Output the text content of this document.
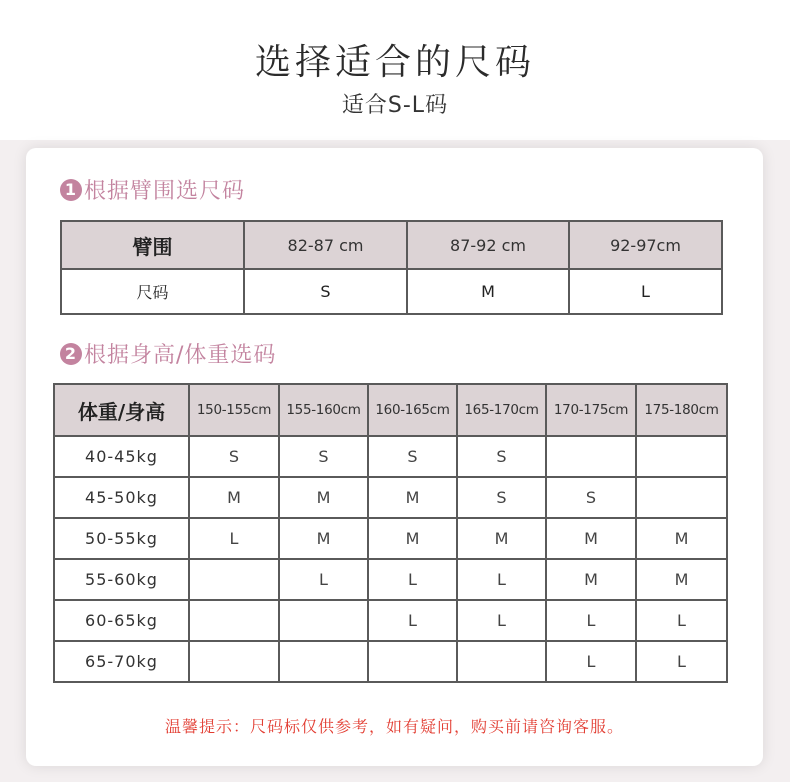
选择适合的尺码
适合S-L码
1 根据臂围选尺码
臂围	82-87 cm	87-92 cm	92-97cm
尺码	S	M	L
2 根据身高/体重选码
体重/身高	150-155cm	155-160cm	160-165cm	165-170cm	170-175cm	175-180cm
40-45kg	S	S	S	S		
45-50kg	M	M	M	S	S	
50-55kg	L	M	M	M	M	M
55-60kg		L	L	L	M	M
60-65kg			L	L	L	L
65-70kg					L	L
温馨提示：尺码标仅供参考，如有疑问，购买前请咨询客服。
